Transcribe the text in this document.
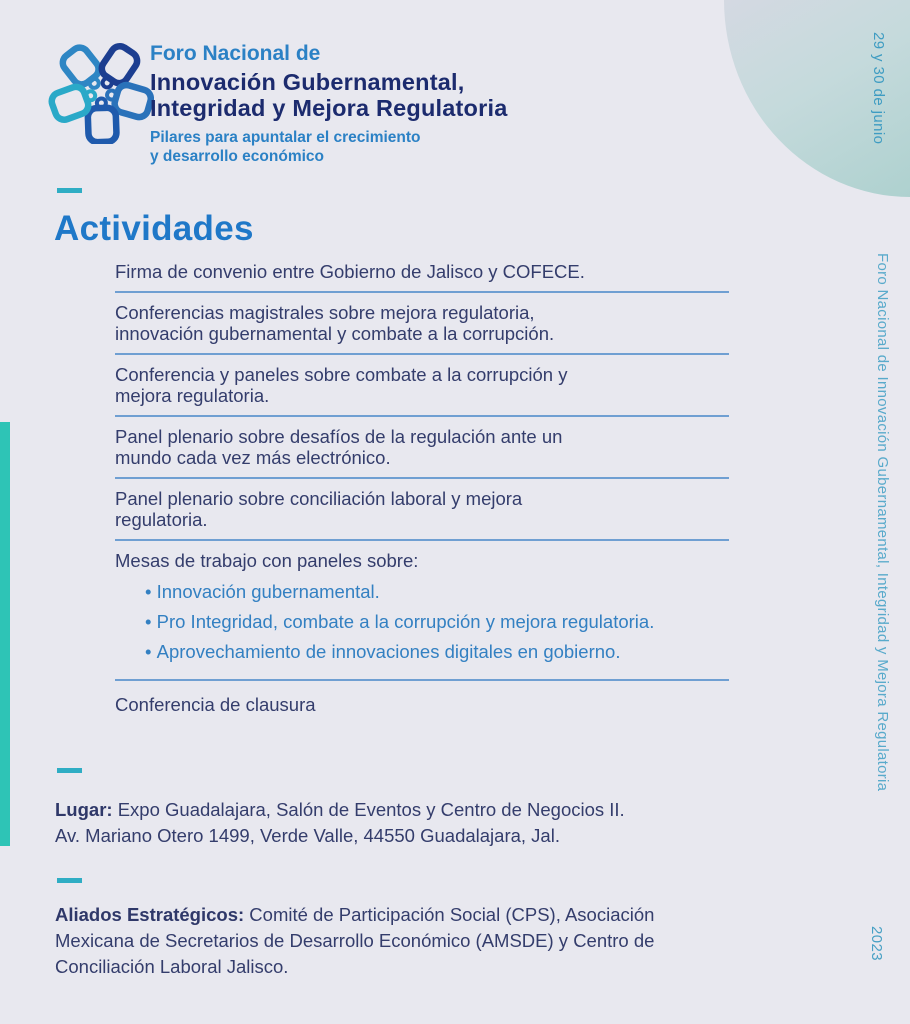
29 y 30 de junio
Foro Nacional de Innovación Gubernamental, Integridad y Mejora Regulatoria
2023
Foro Nacional de
Innovación Gubernamental,
Integridad y Mejora Regulatoria
Pilares para apuntalar el crecimiento
y desarrollo económico
Actividades
Firma de convenio entre Gobierno de Jalisco y COFECE.
Conferencias magistrales sobre mejora regulatoria,
innovación gubernamental y combate a la corrupción.
Conferencia y paneles sobre combate a la corrupción y
mejora regulatoria.
Panel plenario sobre desafíos de la regulación ante un
mundo cada vez más electrónico.
Panel plenario sobre conciliación laboral y mejora
regulatoria.
Mesas de trabajo con paneles sobre:
• Innovación gubernamental.
• Pro Integridad, combate a la corrupción y mejora regulatoria.
• Aprovechamiento de innovaciones digitales en gobierno.
Conferencia de clausura
Lugar: Expo Guadalajara, Salón de Eventos y Centro de Negocios II.
Av. Mariano Otero 1499, Verde Valle, 44550 Guadalajara, Jal.
Aliados Estratégicos: Comité de Participación Social (CPS), Asociación
Mexicana de Secretarios de Desarrollo Económico (AMSDE) y Centro de
Conciliación Laboral Jalisco.
